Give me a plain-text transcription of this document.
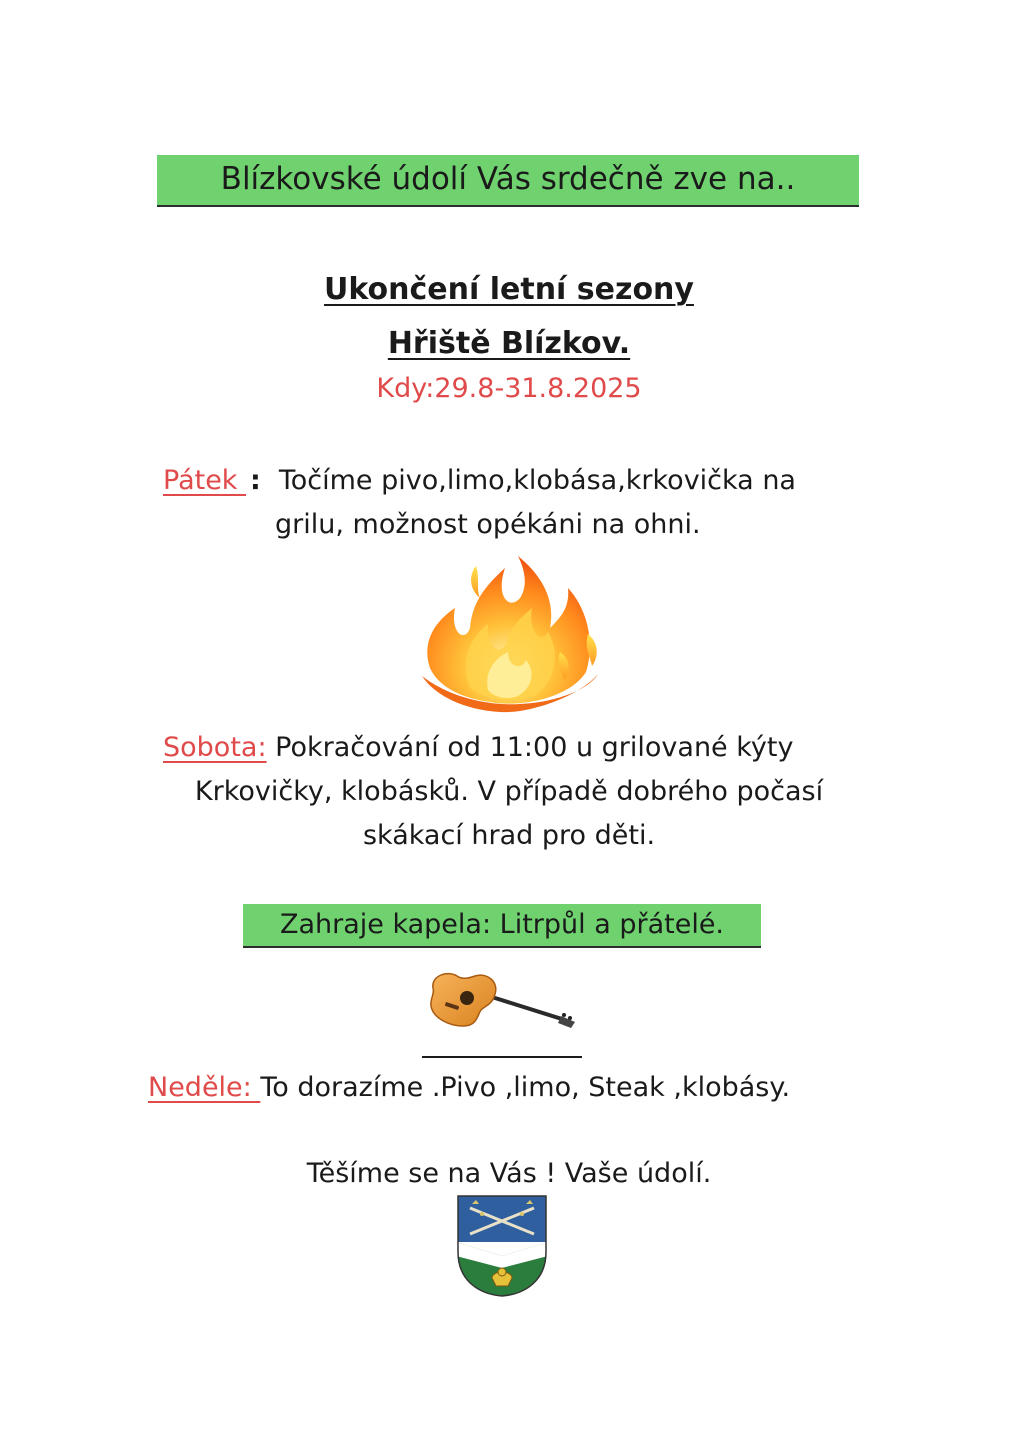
Blízkovské údolí Vás srdečně zve na..
Ukončení letní sezony
Hřiště Blízkov.
Kdy:29.8-31.8.2025
Pátek : Točíme pivo,limo,klobása,krkovička na
grilu, možnost opékáni na ohni.
Sobota: Pokračování od 11:00 u grilované kýty
Krkovičky, klobásků. V případě dobrého počasí
skákací hrad pro děti.
Zahraje kapela: Litrpůl a přátelé.
Neděle: To dorazíme .Pivo ,limo, Steak ,klobásy.
Těšíme se na Vás ! Vaše údolí.
